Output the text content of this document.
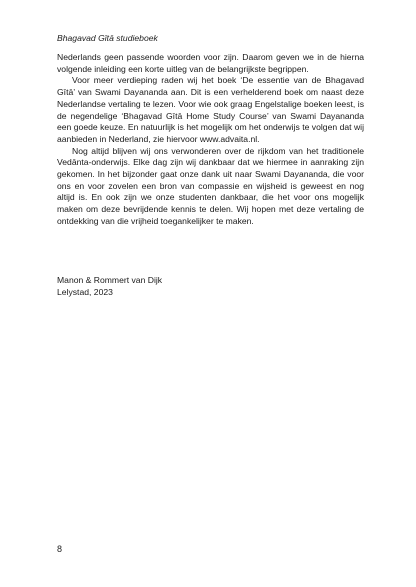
Bhagavad Gītā studieboek

Nederlands geen passende woorden voor zijn. Daarom geven we in de hierna volgende inleiding een korte uitleg van de belangrijkste begrippen.

Voor meer verdieping raden wij het boek ‘De essentie van de Bhagavad Gītā’ van Swami Dayananda aan. Dit is een verhelderend boek om naast deze Nederlandse vertaling te lezen. Voor wie ook graag Engelstalige boeken leest, is de negendelige ‘Bhagavad Gītā Home Study Course’ van Swami Dayananda een goede keuze. En natuurlijk is het mogelijk om het onderwijs te volgen dat wij aanbieden in Nederland, zie hiervoor www.advaita.nl.

Nog altijd blijven wij ons verwonderen over de rijkdom van het traditionele Vedānta-onderwijs. Elke dag zijn wij dankbaar dat we hiermee in aanraking zijn gekomen. In het bijzonder gaat onze dank uit naar Swami Dayananda, die voor ons en voor zovelen een bron van compassie en wijsheid is geweest en nog altijd is. En ook zijn we onze studenten dankbaar, die het voor ons mogelijk maken om deze bevrijdende kennis te delen. Wij hopen met deze vertaling de ontdekking van die vrijheid toegankelijker te maken.

Manon & Rommert van Dijk
Lelystad, 2023
8
